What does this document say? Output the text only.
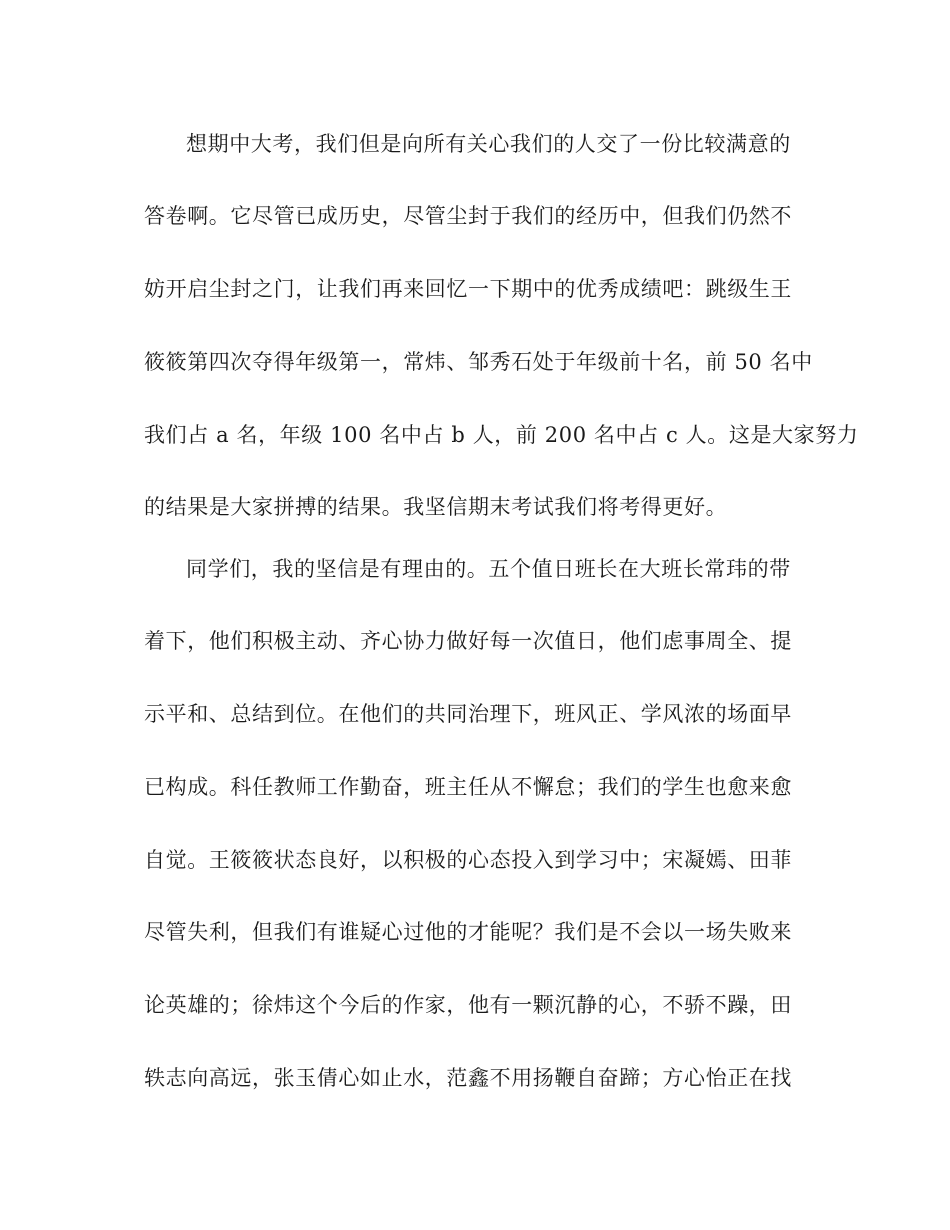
想期中大考，我们但是向所有关心我们的人交了一份比较满意的
答卷啊。它尽管已成历史，尽管尘封于我们的经历中，但我们仍然不
妨开启尘封之门，让我们再来回忆一下期中的优秀成绩吧：跳级生王
筱筱第四次夺得年级第一，常炜、邹秀石处于年级前十名，前 50 名中
我们占 a 名，年级 100 名中占 b 人，前 200 名中占 c 人。这是大家努力
的结果是大家拼搏的结果。我坚信期末考试我们将考得更好。
同学们，我的坚信是有理由的。五个值日班长在大班长常玮的带
着下，他们积极主动、齐心协力做好每一次值日，他们虑事周全、提
示平和、总结到位。在他们的共同治理下，班风正、学风浓的场面早
已构成。科任教师工作勤奋，班主任从不懈怠；我们的学生也愈来愈
自觉。王筱筱状态良好，以积极的心态投入到学习中；宋凝嫣、田菲
尽管失利，但我们有谁疑心过他的才能呢？我们是不会以一场失败来
论英雄的；徐炜这个今后的作家，他有一颗沉静的心，不骄不躁，田
轶志向高远，张玉倩心如止水，范鑫不用扬鞭自奋蹄；方心怡正在找
